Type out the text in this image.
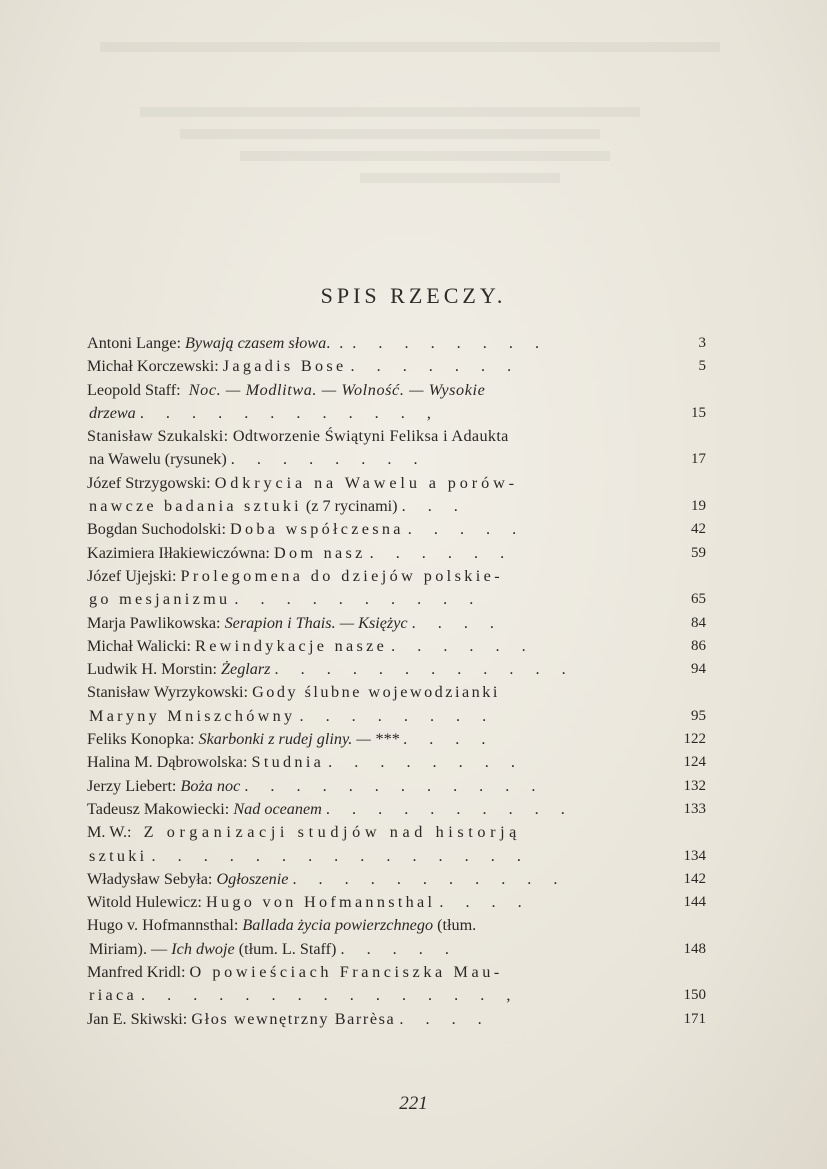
SPIS RZECZY.
Antoni Lange: Bywają czasem słowa... . . . . . . .	3
Michał Korczewski: Jagadis Bose . . . . . . .	5
Leopold Staff: Noc. — Modlitwa. — Wolność. — Wysokie
drzewa . . . . . . . . . . . ,	15
Stanisław Szukalski: Odtworzenie Świątyni Feliksa i Adaukta
na Wawelu (rysunek) . . . . . . . .	17
Józef Strzygowski: Odkrycia na Wawelu a porów-
nawcze badania sztuki (z 7 rycinami) . . .	19
Bogdan Suchodolski: Doba współczesna . . . . .	42
Kazimiera Iłłakiewiczówna: Dom nasz . . . . . .	59
Józef Ujejski: Prolegomena do dziejów polskie-
go mesjanizmu . . . . . . . . . .	65
Marja Pawlikowska: Serapion i Thais. — Księżyc . . . .	84
Michał Walicki: Rewindykacje nasze . . . . . .	86
Ludwik H. Morstin: Żeglarz . . . . . . . . . . . .	94
Stanisław Wyrzykowski: Gody ślubne wojewodzianki
Maryny Mniszchówny . . . . . . . .	95
Feliks Konopka: Skarbonki z rudej gliny. — *** . . . .	122
Halina M. Dąbrowolska: Studnia . . . . . . . .	124
Jerzy Liebert: Boża noc . . . . . . . . . . . .	132
Tadeusz Makowiecki: Nad oceanem . . . . . . . . . .	133
M. W.: Z organizacji studjów nad historją
sztuki . . . . . . . . . . . . . . .	134
Władysław Sebyła: Ogłoszenie . . . . . . . . . . .	142
Witold Hulewicz: Hugo von Hofmannsthal . . . .	144
Hugo v. Hofmannsthal: Ballada życia powierzchnego (tłum.
Miriam). — Ich dwoje (tłum. L. Staff) . . . . .	148
Manfred Kridl: O powieściach Franciszka Mau-
riaca . . . . . . . . . . . . . . ,	150
Jan E. Skiwski: Głos wewnętrzny Barrèsa . . . .	171
221
